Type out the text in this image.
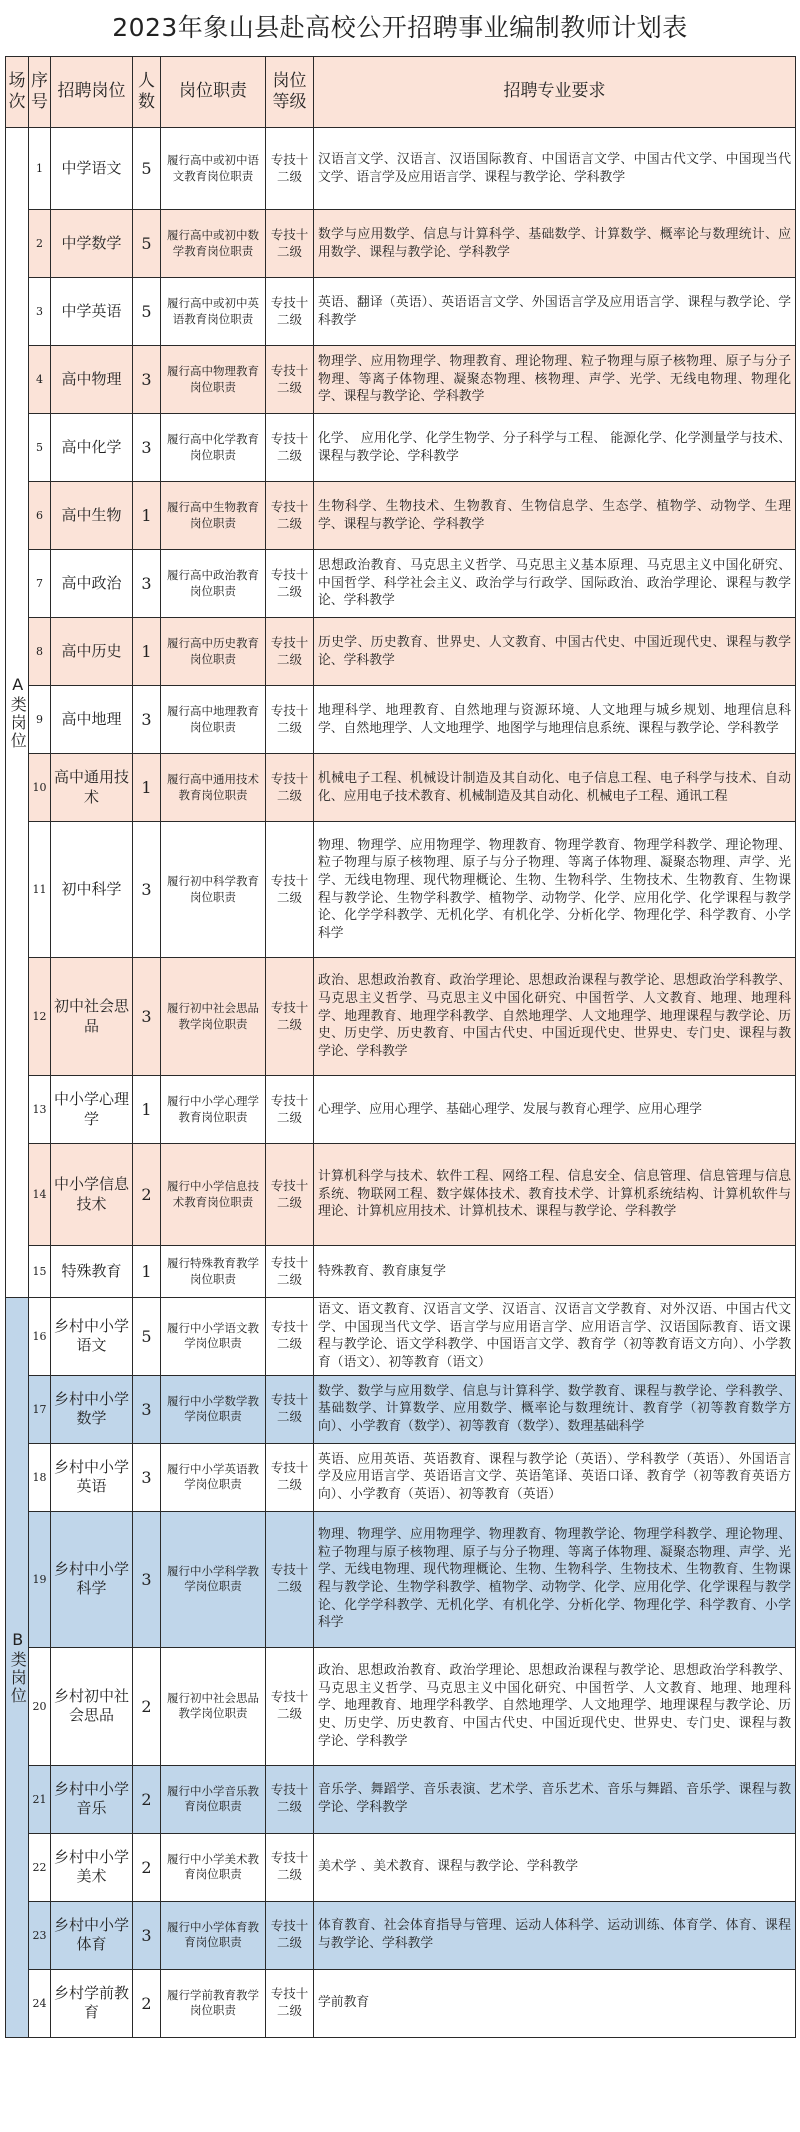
2023年象山县赴高校公开招聘事业编制教师计划表
场次	序号	招聘岗位	人数	岗位职责	岗位等级	招聘专业要求
A类岗位	1	中学语文	5	履行高中或初中语文教育岗位职责	专技十二级	汉语言文学、汉语言、汉语国际教育、中国语言文学、中国古代文学、中国现当代文学、语言学及应用语言学、课程与教学论、学科教学
	2	中学数学	5	履行高中或初中数学教育岗位职责	专技十二级	数学与应用数学、信息与计算科学、基础数学、计算数学、概率论与数理统计、应用数学、课程与教学论、学科教学
	3	中学英语	5	履行高中或初中英语教育岗位职责	专技十二级	英语、翻译（英语）、英语语言文学、外国语言学及应用语言学、课程与教学论、学科教学
	4	高中物理	3	履行高中物理教育岗位职责	专技十二级	物理学、应用物理学、物理教育、理论物理、粒子物理与原子核物理、原子与分子物理、等离子体物理、凝聚态物理、核物理、声学、光学、无线电物理、物理化学、课程与教学论、学科教学
	5	高中化学	3	履行高中化学教育岗位职责	专技十二级	化学、 应用化学、化学生物学、分子科学与工程、 能源化学、化学测量学与技术、课程与教学论、学科教学
	6	高中生物	1	履行高中生物教育岗位职责	专技十二级	生物科学、生物技术、生物教育、生物信息学、生态学、植物学、动物学、生理学、课程与教学论、学科教学
	7	高中政治	3	履行高中政治教育岗位职责	专技十二级	思想政治教育、马克思主义哲学、马克思主义基本原理、马克思主义中国化研究、中国哲学、科学社会主义、政治学与行政学、国际政治、政治学理论、课程与教学论、学科教学
	8	高中历史	1	履行高中历史教育岗位职责	专技十二级	历史学、历史教育、世界史、人文教育、中国古代史、中国近现代史、课程与教学论、学科教学
	9	高中地理	3	履行高中地理教育岗位职责	专技十二级	地理科学、地理教育、自然地理与资源环境、人文地理与城乡规划、地理信息科学、自然地理学、人文地理学、地图学与地理信息系统、课程与教学论、学科教学
	10	高中通用技术	1	履行高中通用技术教育岗位职责	专技十二级	机械电子工程、机械设计制造及其自动化、电子信息工程、电子科学与技术、自动化、应用电子技术教育、机械制造及其自动化、机械电子工程、通讯工程
	11	初中科学	3	履行初中科学教育岗位职责	专技十二级	物理、物理学、应用物理学、物理教育、物理学教育、物理学科教学、理论物理、粒子物理与原子核物理、原子与分子物理、等离子体物理、凝聚态物理、声学、光学、无线电物理、现代物理概论、生物、生物科学、生物技术、生物教育、生物课程与教学论、生物学科教学、植物学、动物学、化学、应用化学、化学课程与教学论、化学学科教学、无机化学、有机化学、分析化学、物理化学、科学教育、小学科学
	12	初中社会思品	3	履行初中社会思品教学岗位职责	专技十二级	政治、思想政治教育、政治学理论、思想政治课程与教学论、思想政治学科教学、马克思主义哲学、马克思主义中国化研究、中国哲学、人文教育、地理、地理科学、地理教育、地理学科教学、自然地理学、人文地理学、地理课程与教学论、历史、历史学、历史教育、中国古代史、中国近现代史、世界史、专门史、课程与教学论、学科教学
	13	中小学心理学	1	履行中小学心理学教育岗位职责	专技十二级	心理学、应用心理学、基础心理学、发展与教育心理学、应用心理学
	14	中小学信息技术	2	履行中小学信息技术教育岗位职责	专技十二级	计算机科学与技术、软件工程、网络工程、信息安全、信息管理、信息管理与信息系统、物联网工程、数字媒体技术、教育技术学、计算机系统结构、计算机软件与理论、计算机应用技术、计算机技术、课程与教学论、学科教学
	15	特殊教育	1	履行特殊教育教学岗位职责	专技十二级	特殊教育、教育康复学
B类岗位	16	乡村中小学语文	5	履行中小学语文教学岗位职责	专技十二级	语文、语文教育、汉语言文学、汉语言、汉语言文学教育、对外汉语、中国古代文学、中国现当代文学、语言学与应用语言学、应用语言学、汉语国际教育、语文课程与教学论、语文学科教学、中国语言文学、教育学（初等教育语文方向）、小学教育（语文）、初等教育（语文）
	17	乡村中小学数学	3	履行中小学数学教学岗位职责	专技十二级	数学、数学与应用数学、信息与计算科学、数学教育、课程与教学论、学科教学、基础数学、计算数学、应用数学、概率论与数理统计、教育学（初等教育数学方向）、小学教育（数学）、初等教育（数学）、数理基础科学
	18	乡村中小学英语	3	履行中小学英语教学岗位职责	专技十二级	英语、应用英语、英语教育、课程与教学论（英语）、学科教学（英语）、外国语言学及应用语言学、英语语言文学、英语笔译、英语口译、教育学（初等教育英语方向）、小学教育（英语）、初等教育（英语）
	19	乡村中小学科学	3	履行中小学科学教学岗位职责	专技十二级	物理、物理学、应用物理学、物理教育、物理教学论、物理学科教学、理论物理、粒子物理与原子核物理、原子与分子物理、等离子体物理、凝聚态物理、声学、光学、无线电物理、现代物理概论、生物、生物科学、生物技术、生物教育、生物课程与教学论、生物学科教学、植物学、动物学、化学、应用化学、化学课程与教学论、化学学科教学、无机化学、有机化学、分析化学、物理化学、科学教育、小学科学
	20	乡村初中社会思品	2	履行初中社会思品教学岗位职责	专技十二级	政治、思想政治教育、政治学理论、思想政治课程与教学论、思想政治学科教学、马克思主义哲学、马克思主义中国化研究、中国哲学、人文教育、地理、地理科学、地理教育、地理学科教学、自然地理学、人文地理学、地理课程与教学论、历史、历史学、历史教育、中国古代史、中国近现代史、世界史、专门史、课程与教学论、学科教学
	21	乡村中小学音乐	2	履行中小学音乐教育岗位职责	专技十二级	音乐学、舞蹈学、音乐表演、艺术学、音乐艺术、音乐与舞蹈、音乐学、课程与教学论、学科教学
	22	乡村中小学美术	2	履行中小学美术教育岗位职责	专技十二级	美术学 、美术教育、课程与教学论、学科教学
	23	乡村中小学体育	3	履行中小学体育教育岗位职责	专技十二级	体育教育、社会体育指导与管理、运动人体科学、运动训练、体育学、体育、课程与教学论、学科教学
	24	乡村学前教育	2	履行学前教育教学岗位职责	专技十二级	学前教育
